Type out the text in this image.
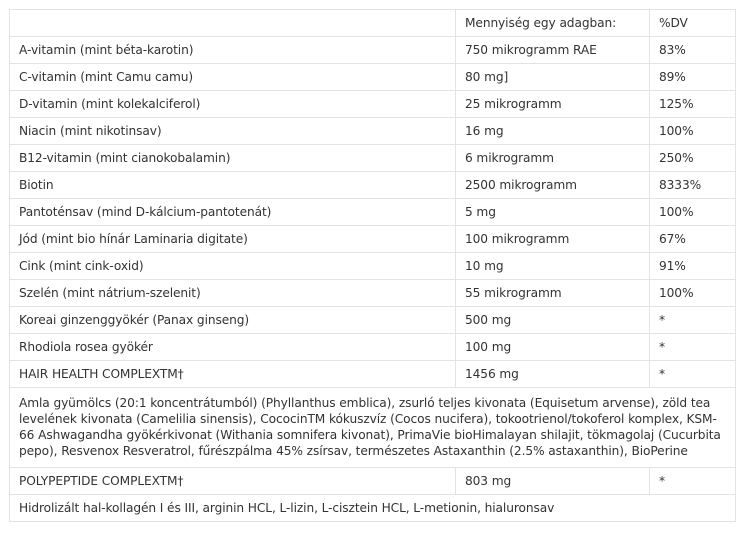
	Mennyiség egy adagban:	%DV
A-vitamin (mint béta-karotin)	750 mikrogramm RAE	83%
C-vitamin (mint Camu camu)	80 mg]	89%
D-vitamin (mint kolekalciferol)	25 mikrogramm	125%
Niacin (mint nikotinsav)	16 mg	100%
B12-vitamin (mint cianokobalamin)	6 mikrogramm	250%
Biotin	2500 mikrogramm	8333%
Pantoténsav (mind D-kálcium-pantotenát)	5 mg	100%
Jód (mint bio hínár Laminaria digitate)	100 mikrogramm	67%
Cink (mint cink-oxid)	10 mg	91%
Szelén (mint nátrium-szelenit)	55 mikrogramm	100%
Koreai ginzenggyökér (Panax ginseng)	500 mg	*
Rhodiola rosea gyökér	100 mg	*
HAIR HEALTH COMPLEXTM†	1456 mg	*
Amla gyümölcs (20:1 koncentrátumból) (Phyllanthus emblica), zsurló teljes kivonata (Equisetum arvense), zöld tea levelének kivonata (Camelilia sinensis), CococinTM kókuszvíz (Cocos nucifera), tokootrienol/tokoferol komplex, KSM-66 Ashwagandha gyökérkivonat (Withania somnifera kivonat), PrimaVie bioHimalayan shilajit, tökmagolaj (Cucurbita pepo), Resvenox Resveratrol, fűrészpálma 45% zsírsav, természetes Astaxanthin (2.5% astaxanthin), BioPerine		
POLYPEPTIDE COMPLEXTM†	803 mg	*
Hidrolizált hal-kollagén I és III, arginin HCL, L-lizin, L-cisztein HCL, L-metionin, hialuronsav		
